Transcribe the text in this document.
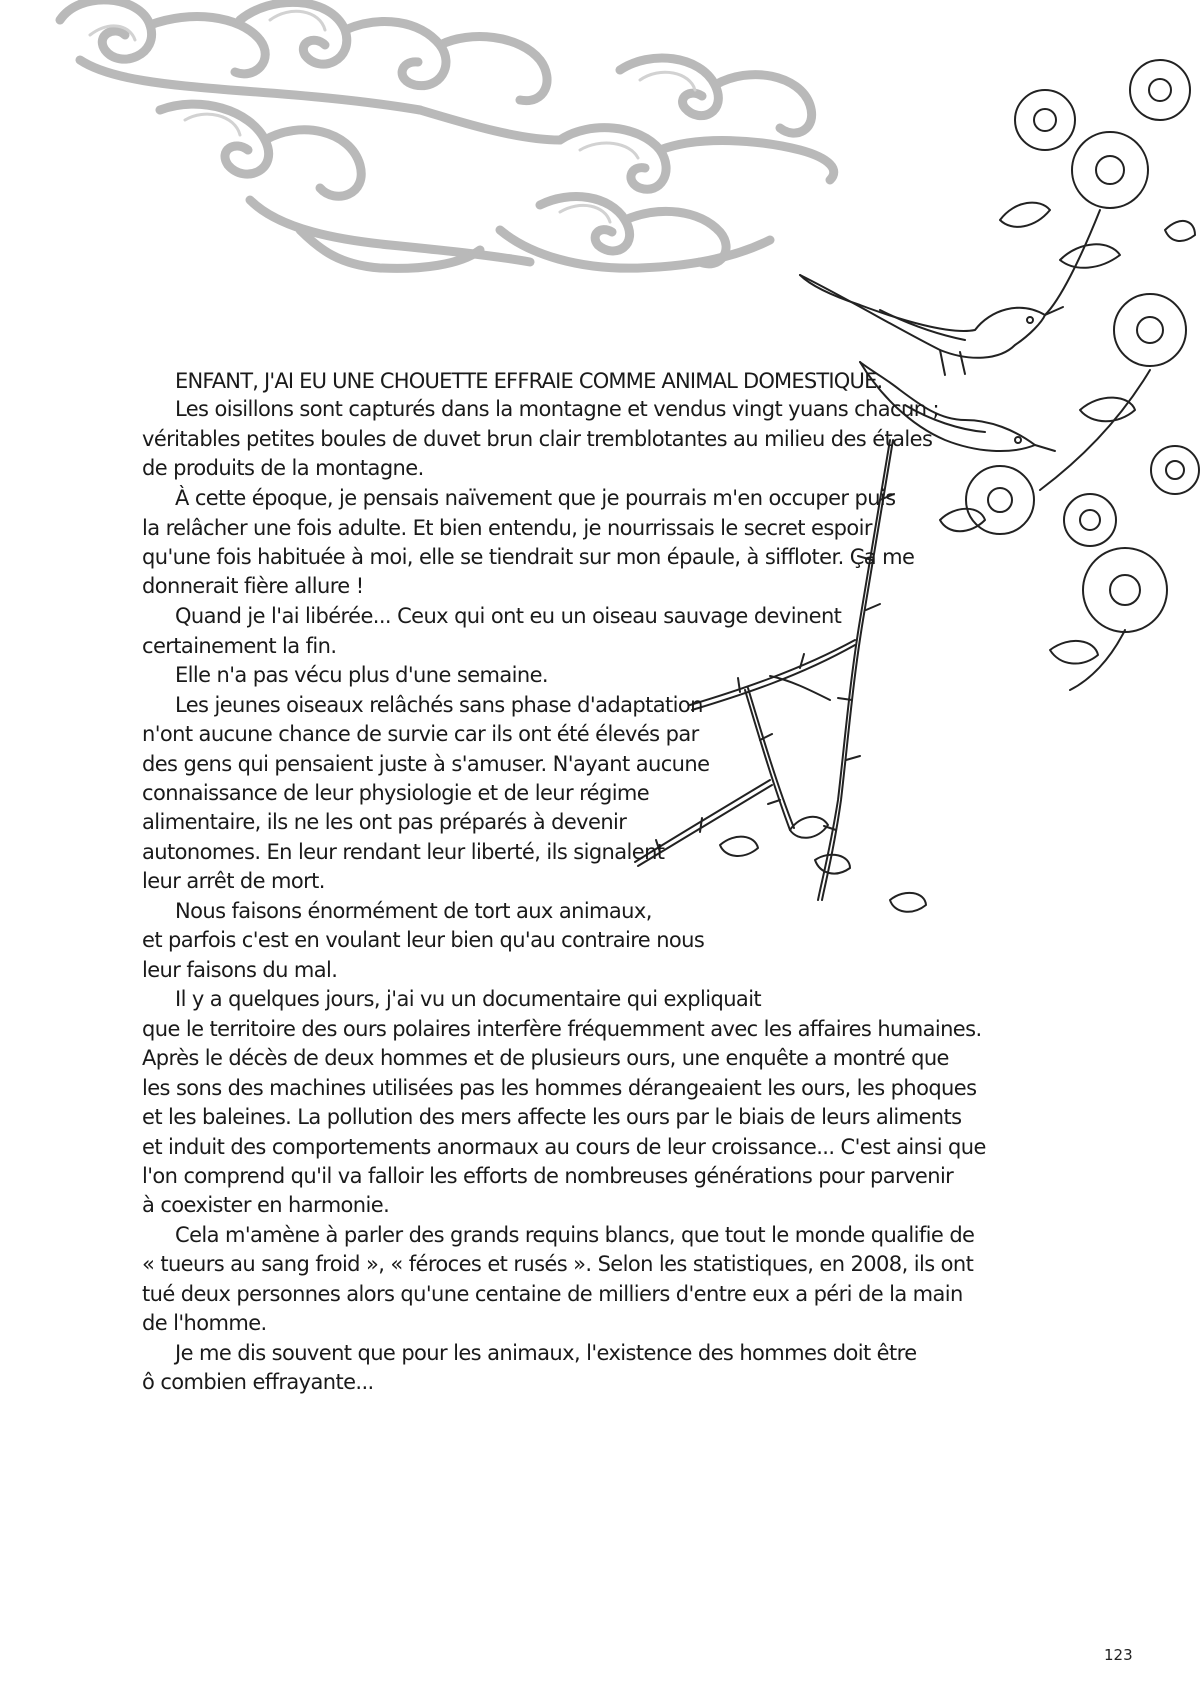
ENFANT, J'AI EU UNE CHOUETTE EFFRAIE COMME ANIMAL DOMESTIQUE.

Les oisillons sont capturés dans la montagne et vendus vingt yuans chacun ;

véritables petites boules de duvet brun clair tremblotantes au milieu des étales

de produits de la montagne.

À cette époque, je pensais naïvement que je pourrais m'en occuper puis

la relâcher une fois adulte. Et bien entendu, je nourrissais le secret espoir

qu'une fois habituée à moi, elle se tiendrait sur mon épaule, à siffloter. Ça me

donnerait fière allure !

Quand je l'ai libérée... Ceux qui ont eu un oiseau sauvage devinent

certainement la fin.

Elle n'a pas vécu plus d'une semaine.

Les jeunes oiseaux relâchés sans phase d'adaptation

n'ont aucune chance de survie car ils ont été élevés par

des gens qui pensaient juste à s'amuser. N'ayant aucune

connaissance de leur physiologie et de leur régime

alimentaire, ils ne les ont pas préparés à devenir

autonomes. En leur rendant leur liberté, ils signalent

leur arrêt de mort.

Nous faisons énormément de tort aux animaux,

et parfois c'est en voulant leur bien qu'au contraire nous

leur faisons du mal.

Il y a quelques jours, j'ai vu un documentaire qui expliquait

que le territoire des ours polaires interfère fréquemment avec les affaires humaines.

Après le décès de deux hommes et de plusieurs ours, une enquête a montré que

les sons des machines utilisées pas les hommes dérangeaient les ours, les phoques

et les baleines. La pollution des mers affecte les ours par le biais de leurs aliments

et induit des comportements anormaux au cours de leur croissance... C'est ainsi que

l'on comprend qu'il va falloir les efforts de nombreuses générations pour parvenir

à coexister en harmonie.

Cela m'amène à parler des grands requins blancs, que tout le monde qualifie de

« tueurs au sang froid », « féroces et rusés ». Selon les statistiques, en 2008, ils ont

tué deux personnes alors qu'une centaine de milliers d'entre eux a péri de la main

de l'homme.

Je me dis souvent que pour les animaux, l'existence des hommes doit être

ô combien effrayante...

123
